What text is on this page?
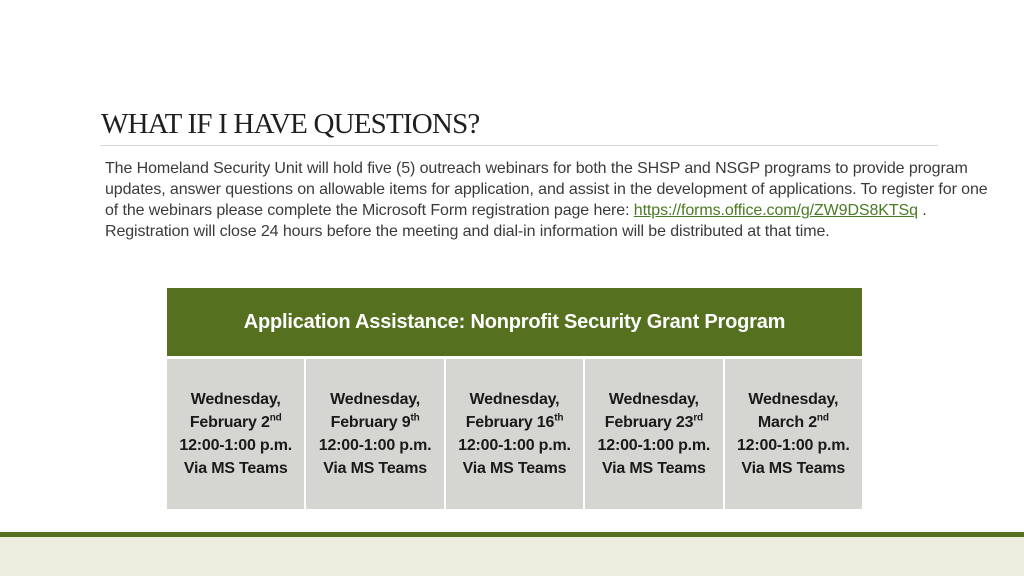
WHAT IF I HAVE QUESTIONS?

The Homeland Security Unit will hold five (5) outreach webinars for both the SHSP and NSGP programs to provide program updates, answer questions on allowable items for application, and assist in the development of applications. To register for one of the webinars please complete the Microsoft Form registration page here: https://forms.office.com/g/ZW9DS8KTSq . Registration will close 24 hours before the meeting and dial-in information will be distributed at that time.

Application Assistance: Nonprofit Security Grant Program

Wednesday,
February 2nd
12:00-1:00 p.m.
Via MS Teams

Wednesday,
February 9th
12:00-1:00 p.m.
Via MS Teams

Wednesday,
February 16th
12:00-1:00 p.m.
Via MS Teams

Wednesday,
February 23rd
12:00-1:00 p.m.
Via MS Teams

Wednesday,
March 2nd
12:00-1:00 p.m.
Via MS Teams
